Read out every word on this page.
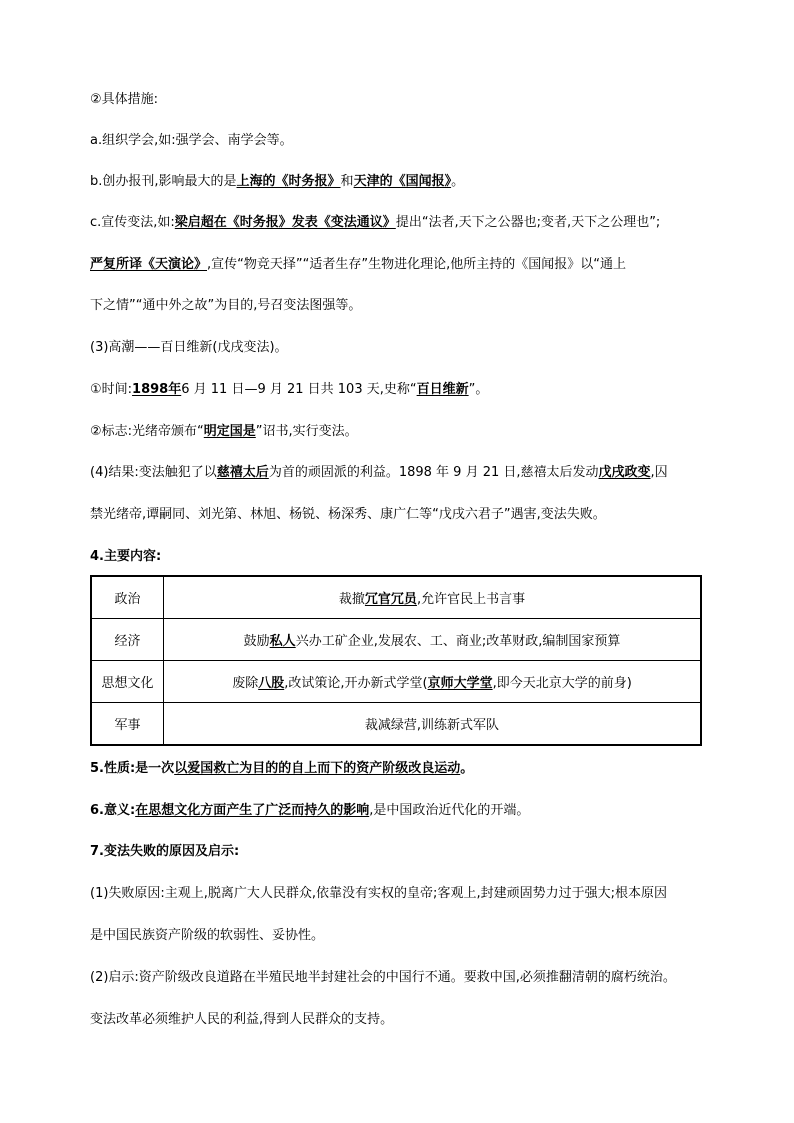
②具体措施:
a.组织学会,如:强学会、南学会等。
b.创办报刊,影响最大的是上海的《时务报》和天津的《国闻报》。
c.宣传变法,如:梁启超在《时务报》发表《变法通议》提出“法者,天下之公器也;变者,天下之公理也”;
严复所译《天演论》,宣传“物竞天择”“适者生存”生物进化理论,他所主持的《国闻报》以“通上
下之情”“通中外之故”为目的,号召变法图强等。
(3)高潮——百日维新(戊戌变法)。
①时间:1898年6 月 11 日—9 月 21 日共 103 天,史称“百日维新”。
②标志:光绪帝颁布“明定国是”诏书,实行变法。
(4)结果:变法触犯了以慈禧太后为首的顽固派的利益。1898 年 9 月 21 日,慈禧太后发动戊戌政变,囚
禁光绪帝,谭嗣同、刘光第、林旭、杨锐、杨深秀、康广仁等“戊戌六君子”遇害,变法失败。
4.主要内容:
政治	裁撤冗官冗员,允许官民上书言事
经济	鼓励私人兴办工矿企业,发展农、工、商业;改革财政,编制国家预算
思想文化	废除八股,改试策论,开办新式学堂(京师大学堂,即今天北京大学的前身)
军事	裁减绿营,训练新式军队
5.性质:是一次以爱国救亡为目的的自上而下的资产阶级改良运动。
6.意义:在思想文化方面产生了广泛而持久的影响,是中国政治近代化的开端。
7.变法失败的原因及启示:
(1)失败原因:主观上,脱离广大人民群众,依靠没有实权的皇帝;客观上,封建顽固势力过于强大;根本原因
是中国民族资产阶级的软弱性、妥协性。
(2)启示:资产阶级改良道路在半殖民地半封建社会的中国行不通。要救中国,必须推翻清朝的腐朽统治。
变法改革必须维护人民的利益,得到人民群众的支持。
